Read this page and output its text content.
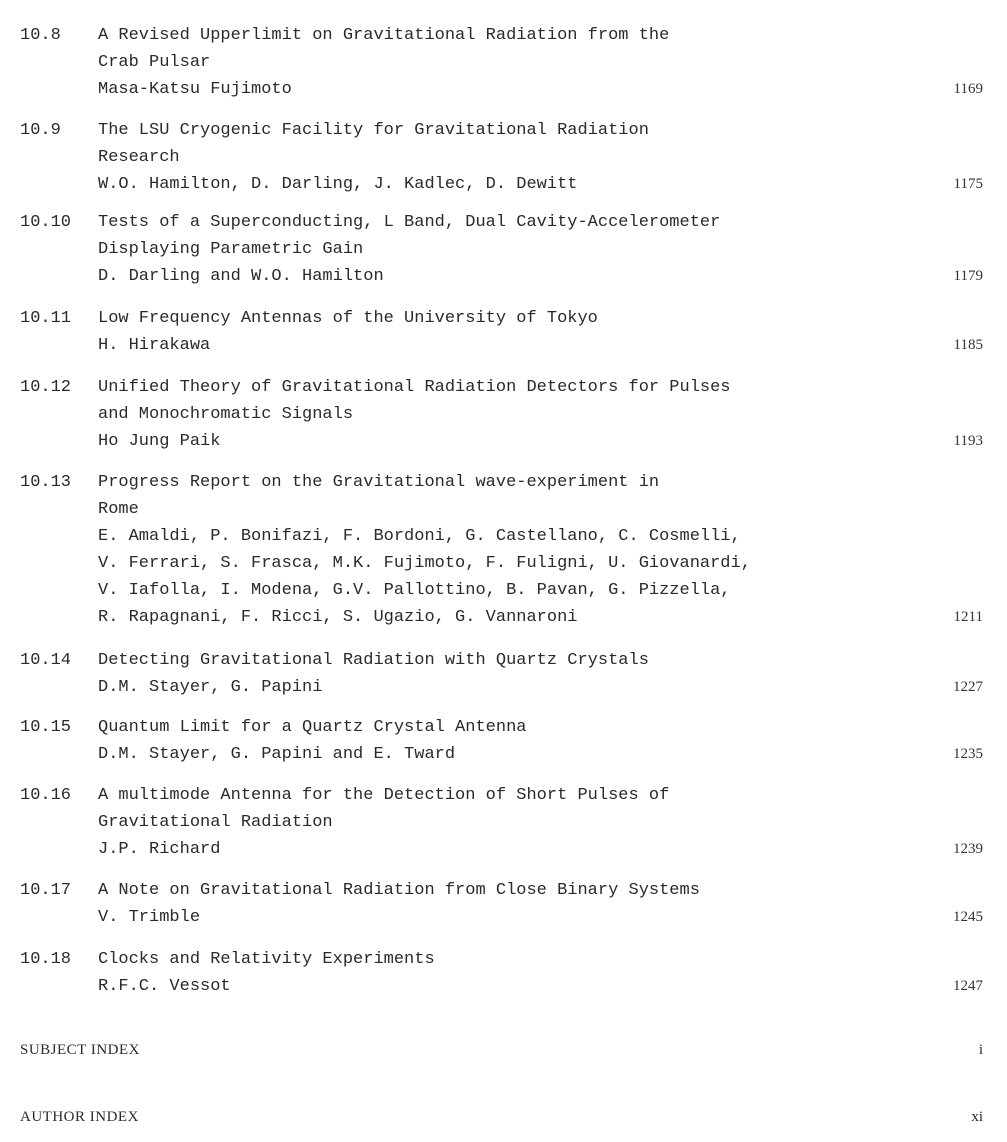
10.8 A Revised Upperlimit on Gravitational Radiation from the
Crab Pulsar
Masa-Katsu Fujimoto	1169
10.9 The LSU Cryogenic Facility for Gravitational Radiation
Research
W.O. Hamilton, D. Darling, J. Kadlec, D. Dewitt	1175
10.10 Tests of a Superconducting, L Band, Dual Cavity-Accelerometer
Displaying Parametric Gain
D. Darling and W.O. Hamilton	1179
10.11 Low Frequency Antennas of the University of Tokyo
H. Hirakawa	1185
10.12 Unified Theory of Gravitational Radiation Detectors for Pulses
and Monochromatic Signals
Ho Jung Paik	1193
10.13 Progress Report on the Gravitational wave-experiment in
Rome
E. Amaldi, P. Bonifazi, F. Bordoni, G. Castellano, C. Cosmelli,
V. Ferrari, S. Frasca, M.K. Fujimoto, F. Fuligni, U. Giovanardi,
V. Iafolla, I. Modena, G.V. Pallottino, B. Pavan, G. Pizzella,
R. Rapagnani, F. Ricci, S. Ugazio, G. Vannaroni	1211
10.14 Detecting Gravitational Radiation with Quartz Crystals
D.M. Stayer, G. Papini	1227
10.15 Quantum Limit for a Quartz Crystal Antenna
D.M. Stayer, G. Papini and E. Tward	1235
10.16 A multimode Antenna for the Detection of Short Pulses of
Gravitational Radiation
J.P. Richard	1239
10.17 A Note on Gravitational Radiation from Close Binary Systems
V. Trimble	1245
10.18 Clocks and Relativity Experiments
R.F.C. Vessot	1247
SUBJECT INDEX	i
AUTHOR INDEX	xi
